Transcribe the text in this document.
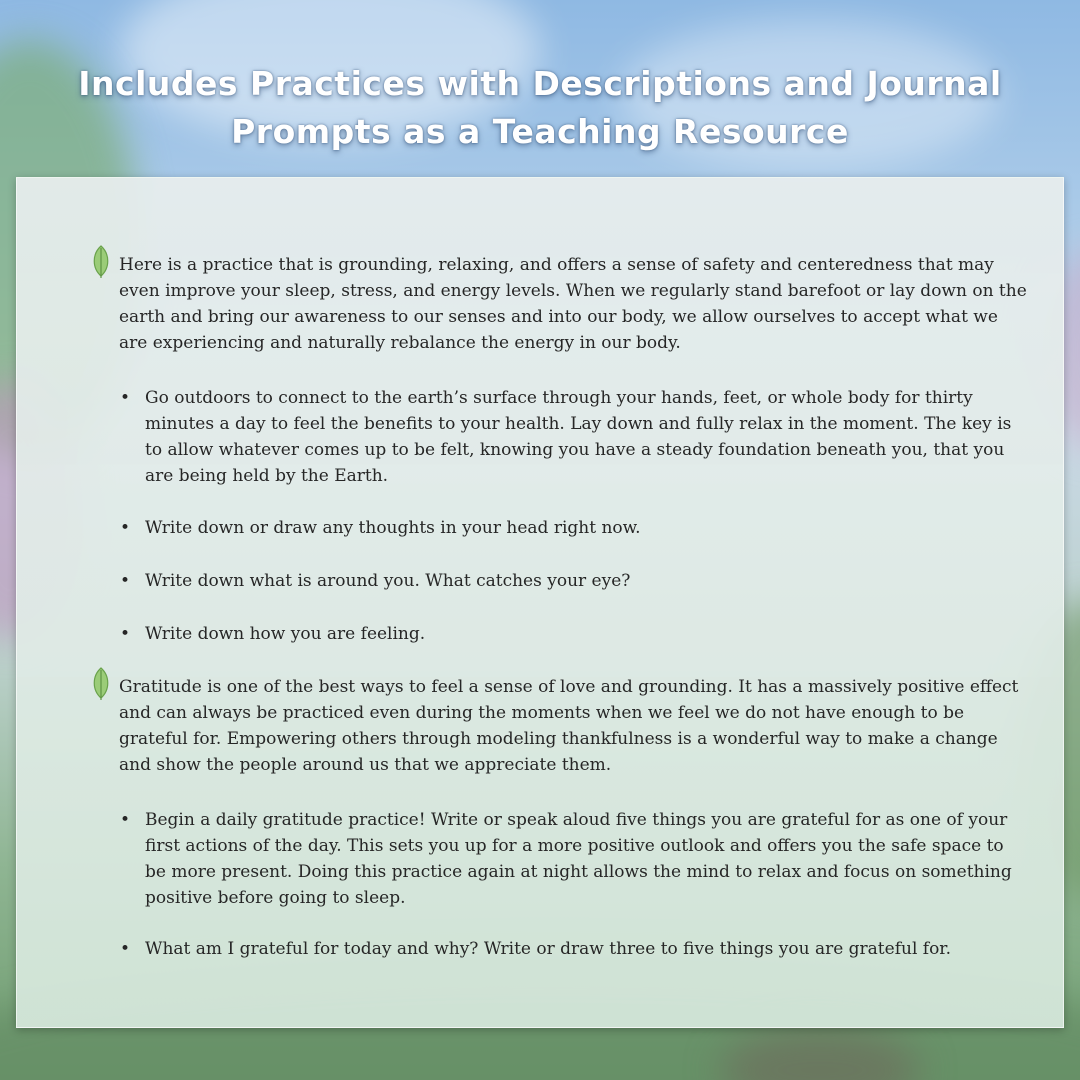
Includes Practices with Descriptions and Journal Prompts as a Teaching Resource
Here is a practice that is grounding, relaxing, and offers a sense of safety and centeredness that may even improve your sleep, stress, and energy levels. When we regularly stand barefoot or lay down on the earth and bring our awareness to our senses and into our body, we allow ourselves to accept what we are experiencing and naturally rebalance the energy in our body.
• Go outdoors to connect to the earth’s surface through your hands, feet, or whole body for thirty minutes a day to feel the benefits to your health. Lay down and fully relax in the moment. The key is to allow whatever comes up to be felt, knowing you have a steady foundation beneath you, that you are being held by the Earth.
• Write down or draw any thoughts in your head right now.
• Write down what is around you. What catches your eye?
• Write down how you are feeling.
Gratitude is one of the best ways to feel a sense of love and grounding. It has a massively positive effect and can always be practiced even during the moments when we feel we do not have enough to be grateful for. Empowering others through modeling thankfulness is a wonderful way to make a change and show the people around us that we appreciate them.
• Begin a daily gratitude practice! Write or speak aloud five things you are grateful for as one of your first actions of the day. This sets you up for a more positive outlook and offers you the safe space to be more present. Doing this practice again at night allows the mind to relax and focus on something positive before going to sleep.
• What am I grateful for today and why? Write or draw three to five things you are grateful for.
